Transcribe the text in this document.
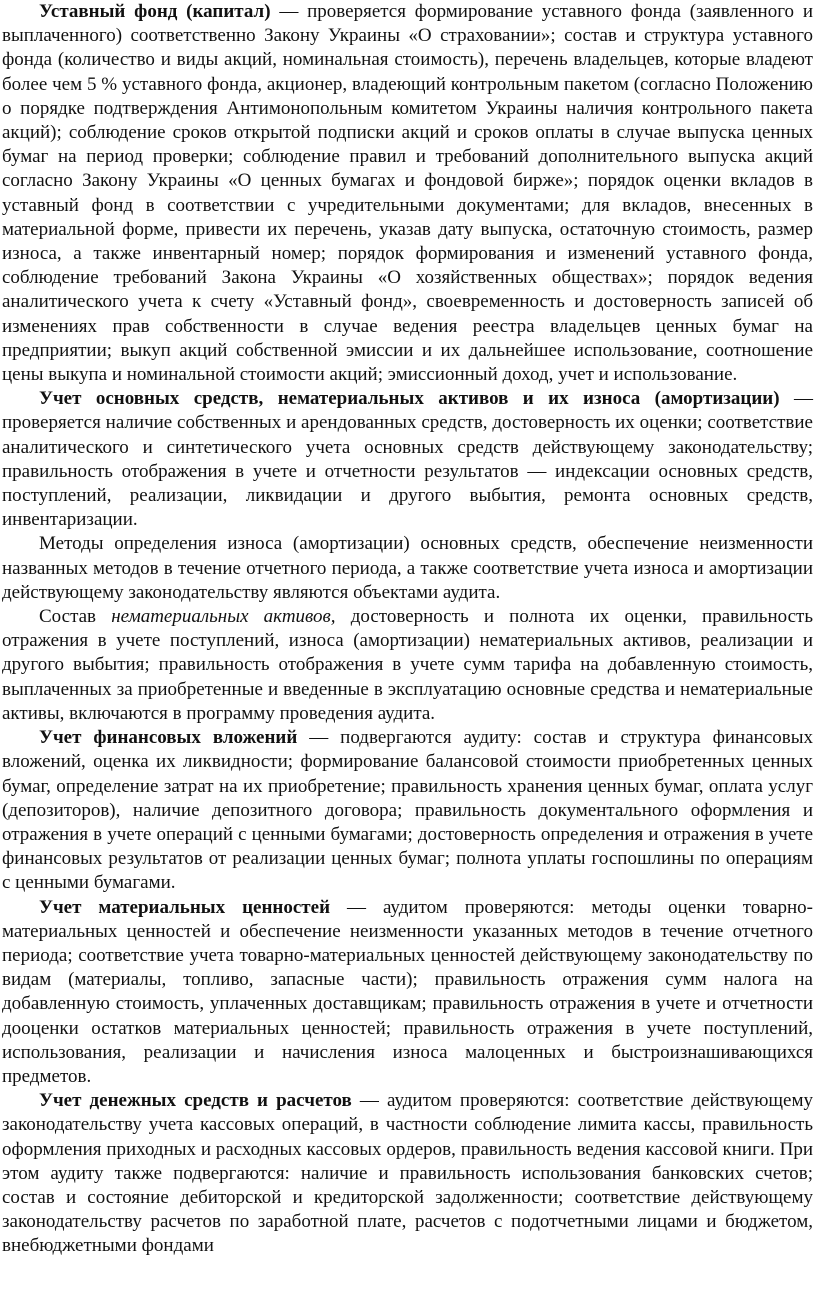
Уставный фонд (капитал) — проверяется формирование уставного фонда (заявленного и выплаченного) соответственно Закону Украины «О страховании»; состав и структура уставного фонда (количество и виды акций, номинальная стоимость), перечень владельцев, которые владеют более чем 5 % уставного фонда, акционер, владеющий контрольным пакетом (согласно Положению о порядке подтверждения Антимонопольным комитетом Украины наличия контрольного пакета акций); соблюдение сроков открытой подписки акций и сроков оплаты в случае выпуска ценных бумаг на период проверки; соблюдение правил и требований дополнительного выпуска акций согласно Закону Украины «О ценных бумагах и фондовой бирже»; порядок оценки вкладов в уставный фонд в соответствии с учредительными документами; для вкладов, внесенных в материальной форме, привести их перечень, указав дату выпуска, остаточную стоимость, размер износа, а также инвентарный номер; порядок формирования и изменений уставного фонда, соблюдение требований Закона Украины «О хозяйственных обществах»; порядок ведения аналитического учета к счету «Уставный фонд», своевременность и достоверность записей об изменениях прав собственности в случае ведения реестра владельцев ценных бумаг на предприятии; выкуп акций собственной эмиссии и их дальнейшее использование, соотношение цены выкупа и номинальной стоимости акций; эмиссионный доход, учет и использование.

Учет основных средств, нематериальных активов и их износа (амортизации) — проверяется наличие собственных и арендованных средств, достоверность их оценки; соответствие аналитического и синтетического учета основных средств действующему законодательству; правильность отображения в учете и отчетности результатов — индексации основных средств, поступлений, реализации, ликвидации и другого выбытия, ремонта основных средств, инвентаризации.

Методы определения износа (амортизации) основных средств, обеспечение неизменности названных методов в течение отчетного периода, а также соответствие учета износа и амортизации действующему законодательству являются объектами аудита.

Состав нематериальных активов, достоверность и полнота их оценки, правильность отражения в учете поступлений, износа (амортизации) нематериальных активов, реализации и другого выбытия; правильность отображения в учете сумм тарифа на добавленную стоимость, выплаченных за приобретенные и введенные в эксплуатацию основные средства и нематериальные активы, включаются в программу проведения аудита.

Учет финансовых вложений — подвергаются аудиту: состав и структура финансовых вложений, оценка их ликвидности; формирование балансовой стоимости приобретенных ценных бумаг, определение затрат на их приобретение; правильность хранения ценных бумаг, оплата услуг (депозиторов), наличие депозитного договора; правильность документального оформления и отражения в учете операций с ценными бумагами; достоверность определения и отражения в учете финансовых результатов от реализации ценных бумаг; полнота уплаты госпошлины по операциям с ценными бумагами.

Учет материальных ценностей — аудитом проверяются: методы оценки товарно-материальных ценностей и обеспечение неизменности указанных методов в течение отчетного периода; соответствие учета товарно-материальных ценностей действующему законодательству по видам (материалы, топливо, запасные части); правильность отражения сумм налога на добавленную стоимость, уплаченных доставщикам; правильность отражения в учете и отчетности дооценки остатков материальных ценностей; правильность отражения в учете поступлений, использования, реализации и начисления износа малоценных и быстроизнашивающихся предметов.

Учет денежных средств и расчетов — аудитом проверяются: соответствие действующему законодательству учета кассовых операций, в частности соблюдение лимита кассы, правильность оформления приходных и расходных кассовых ордеров, правильность ведения кассовой книги. При этом аудиту также подвергаются: наличие и правильность использования банковских счетов; состав и состояние дебиторской и кредиторской задолженности; соответствие действующему законодательству расчетов по заработной плате, расчетов с подотчетными лицами и бюджетом, внебюджетными фондами
